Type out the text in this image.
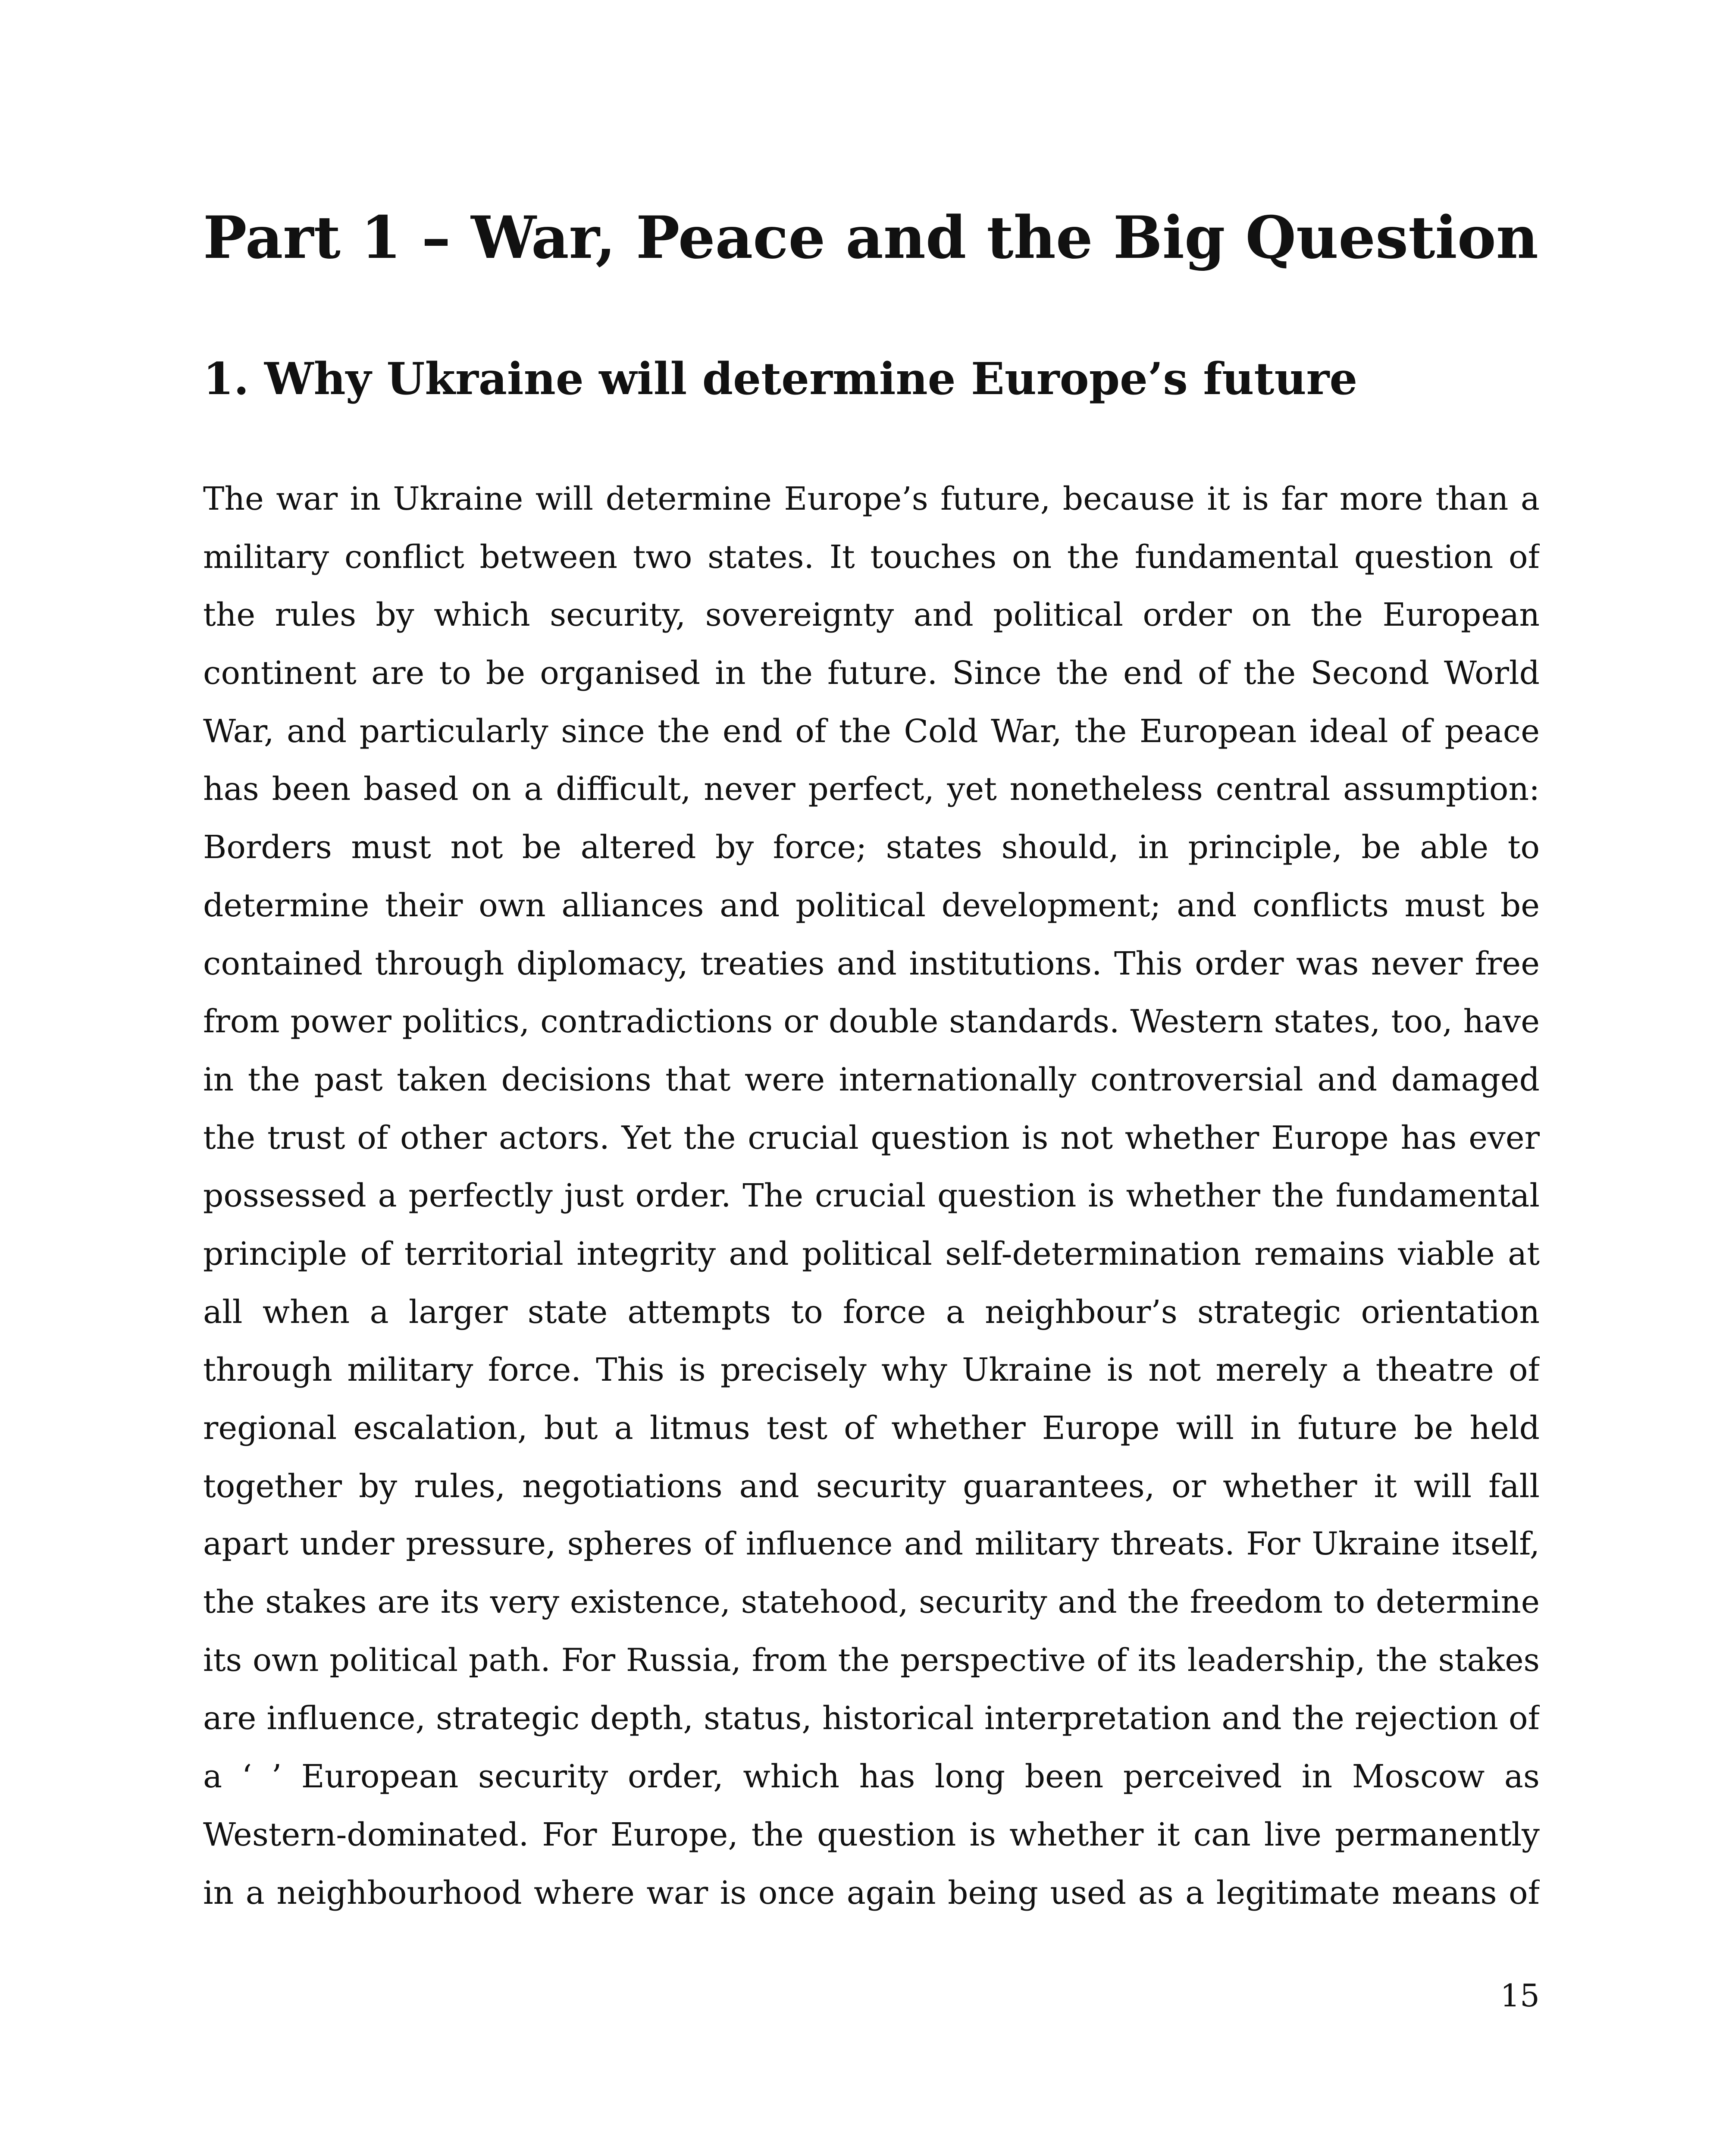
Part 1 – War, Peace and the Big Question
1. Why Ukraine will determine Europe’s future
The war in Ukraine will determine Europe’s future, because it is far more than a
military conflict between two states. It touches on the fundamental question of
the rules by which security, sovereignty and political order on the European
continent are to be organised in the future. Since the end of the Second World
War, and particularly since the end of the Cold War, the European ideal of peace
has been based on a difficult, never perfect, yet nonetheless central assumption:
Borders must not be altered by force; states should, in principle, be able to
determine their own alliances and political development; and conflicts must be
contained through diplomacy, treaties and institutions. This order was never free
from power politics, contradictions or double standards. Western states, too, have
in the past taken decisions that were internationally controversial and damaged
the trust of other actors. Yet the crucial question is not whether Europe has ever
possessed a perfectly just order. The crucial question is whether the fundamental
principle of territorial integrity and political self-determination remains viable at
all when a larger state attempts to force a neighbour’s strategic orientation
through military force. This is precisely why Ukraine is not merely a theatre of
regional escalation, but a litmus test of whether Europe will in future be held
together by rules, negotiations and security guarantees, or whether it will fall
apart under pressure, spheres of influence and military threats. For Ukraine itself,
the stakes are its very existence, statehood, security and the freedom to determine
its own political path. For Russia, from the perspective of its leadership, the stakes
are influence, strategic depth, status, historical interpretation and the rejection of
a ‘ ’ European security order, which has long been perceived in Moscow as
Western-dominated. For Europe, the question is whether it can live permanently
in a neighbourhood where war is once again being used as a legitimate means of
15
